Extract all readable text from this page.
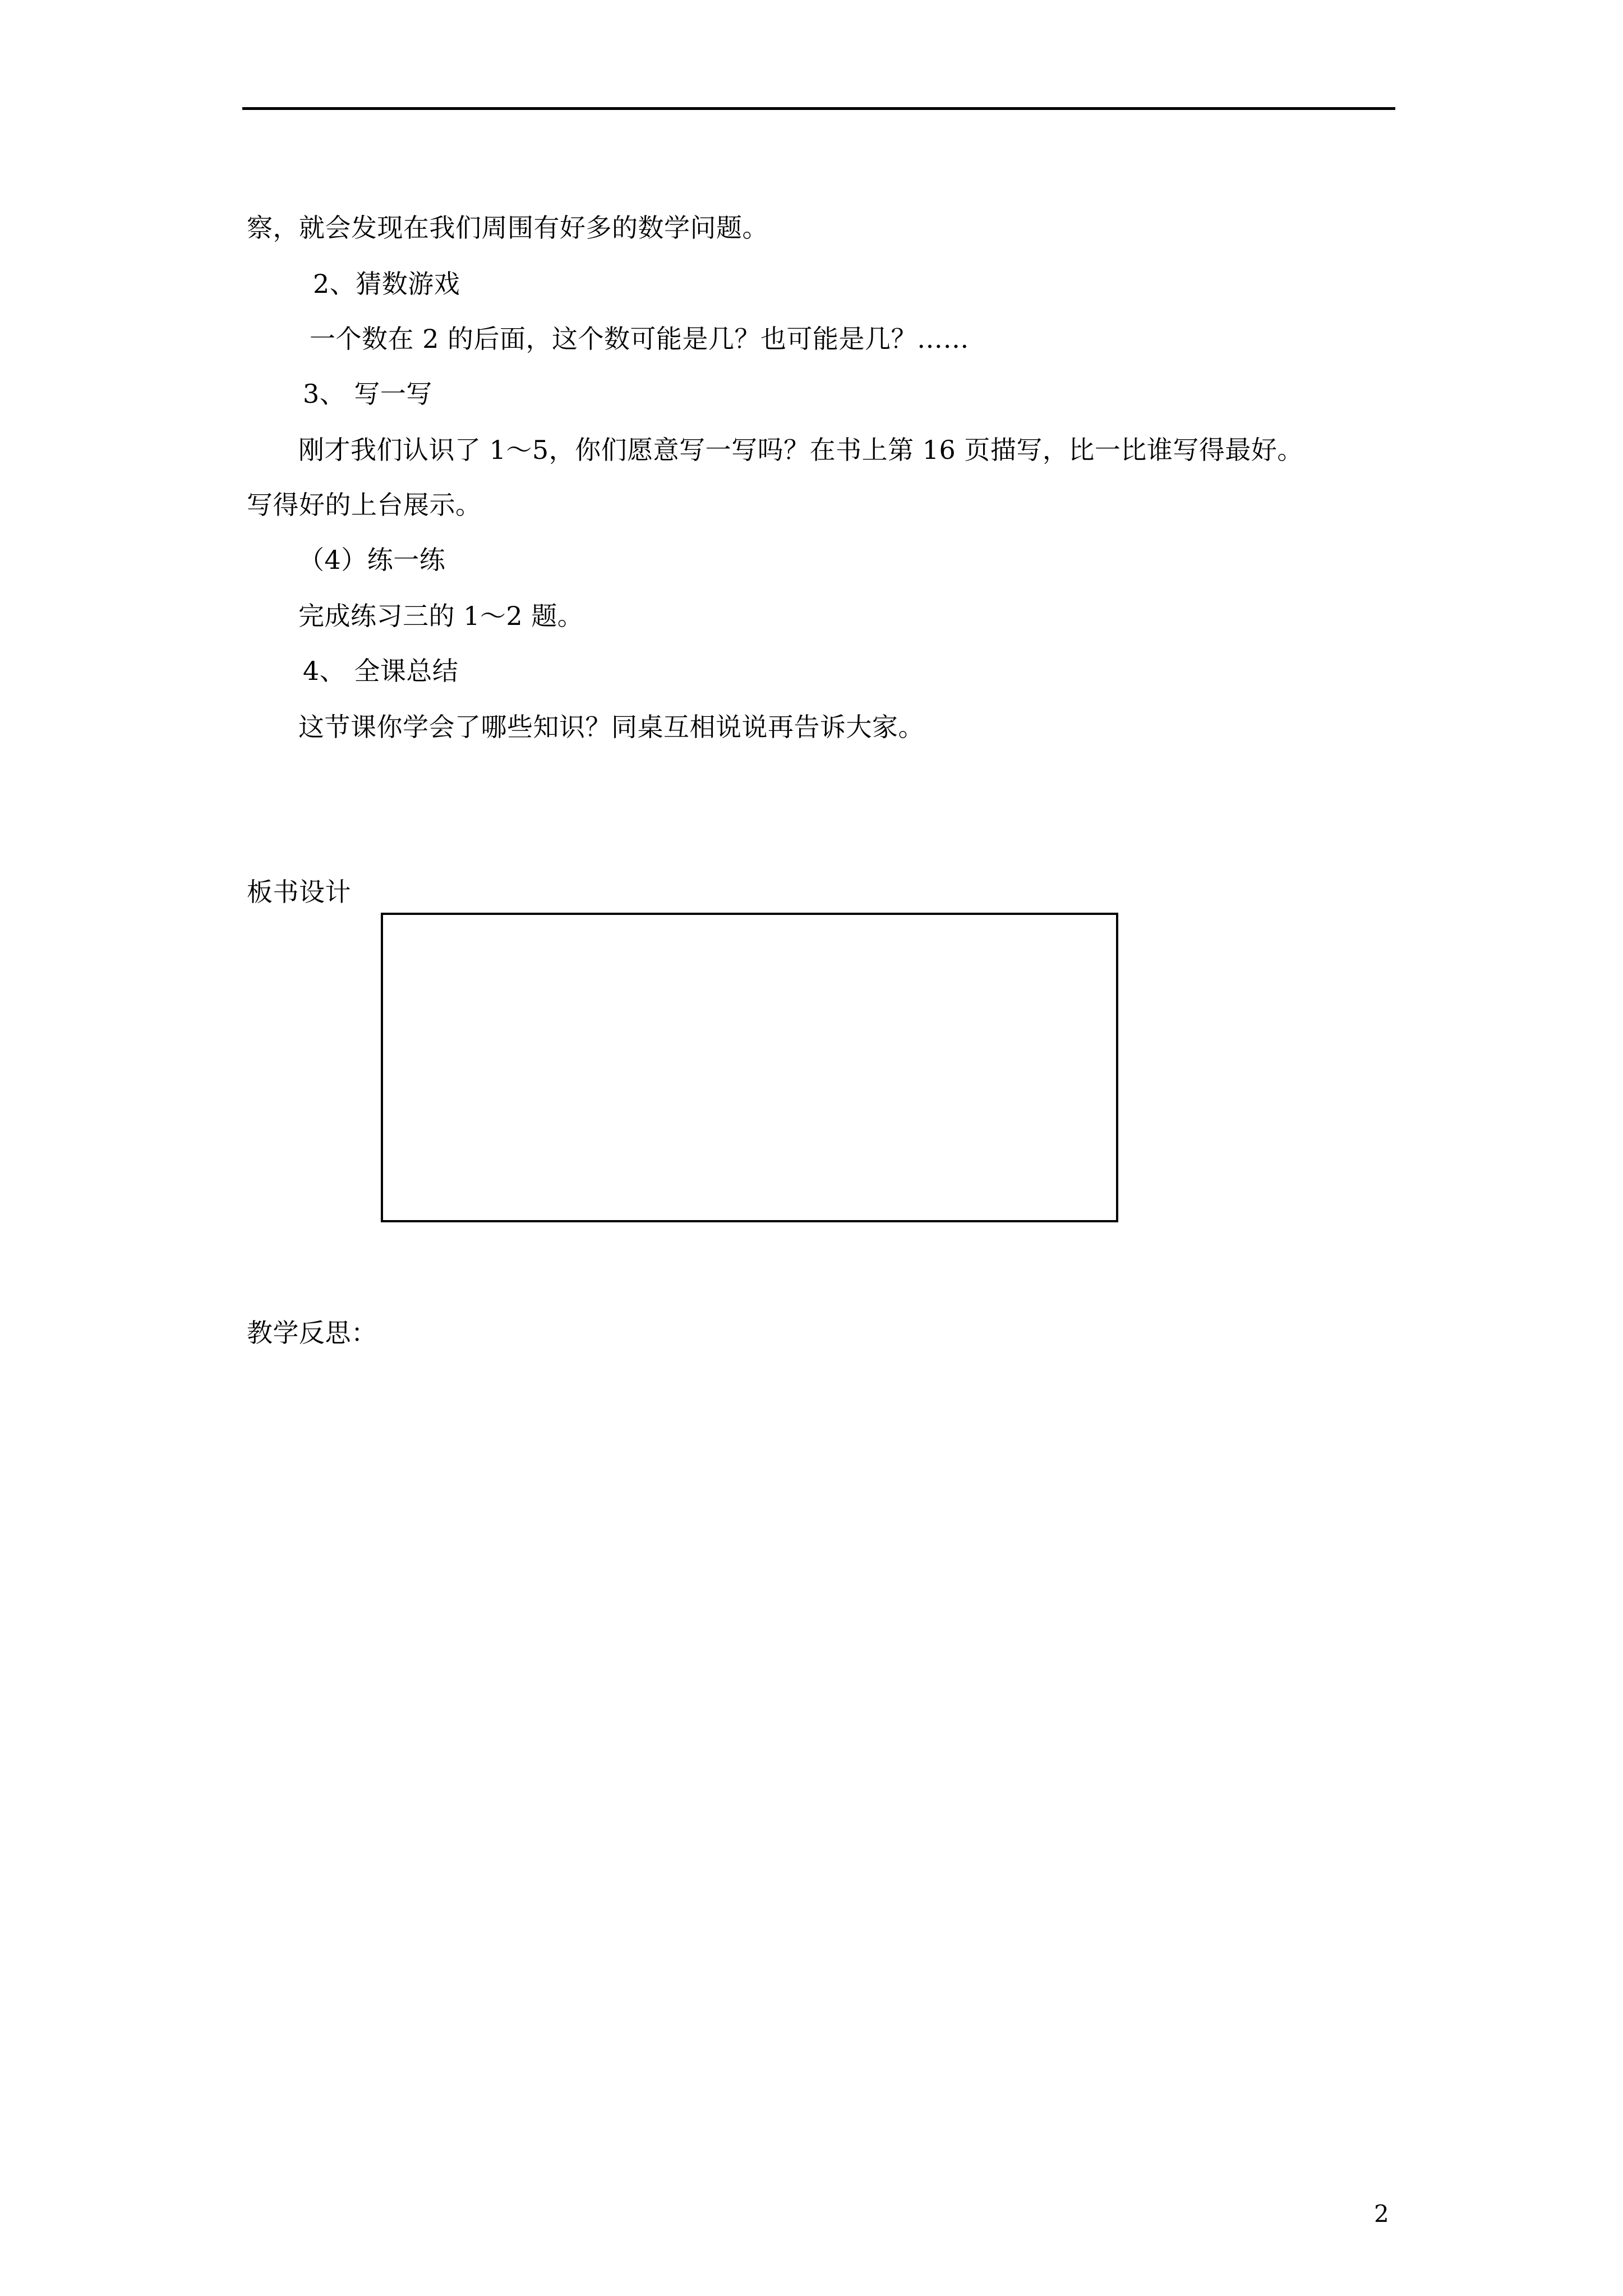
察，就会发现在我们周围有好多的数学问题。
2、猜数游戏
一个数在 2 的后面，这个数可能是几？也可能是几？……
3、 写一写
刚才我们认识了 1～5，你们愿意写一写吗？在书上第 16 页描写，比一比谁写得最好。
写得好的上台展示。
（4）练一练
完成练习三的 1～2 题。
4、 全课总结
这节课你学会了哪些知识？同桌互相说说再告诉大家。
板书设计
教学反思：
2
